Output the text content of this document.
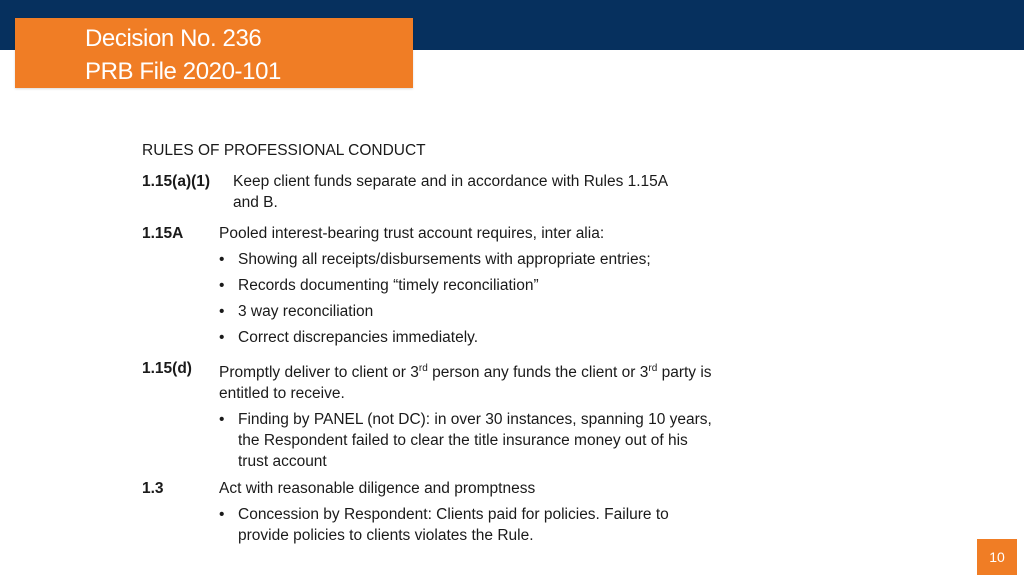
Decision No. 236
PRB File 2020-101
RULES OF PROFESSIONAL CONDUCT
1.15(a)(1) Keep client funds separate and in accordance with Rules 1.15A and B.
1.15A Pooled interest-bearing trust account requires, inter alia:
• Showing all receipts/disbursements with appropriate entries;
• Records documenting “timely reconciliation”
• 3 way reconciliation
• Correct discrepancies immediately.
1.15(d) Promptly deliver to client or 3rd person any funds the client or 3rd party is entitled to receive.
• Finding by PANEL (not DC): in over 30 instances, spanning 10 years, the Respondent failed to clear the title insurance money out of his trust account
1.3	Act with reasonable diligence and promptness
• Concession by Respondent: Clients paid for policies. Failure to provide policies to clients violates the Rule.
10
